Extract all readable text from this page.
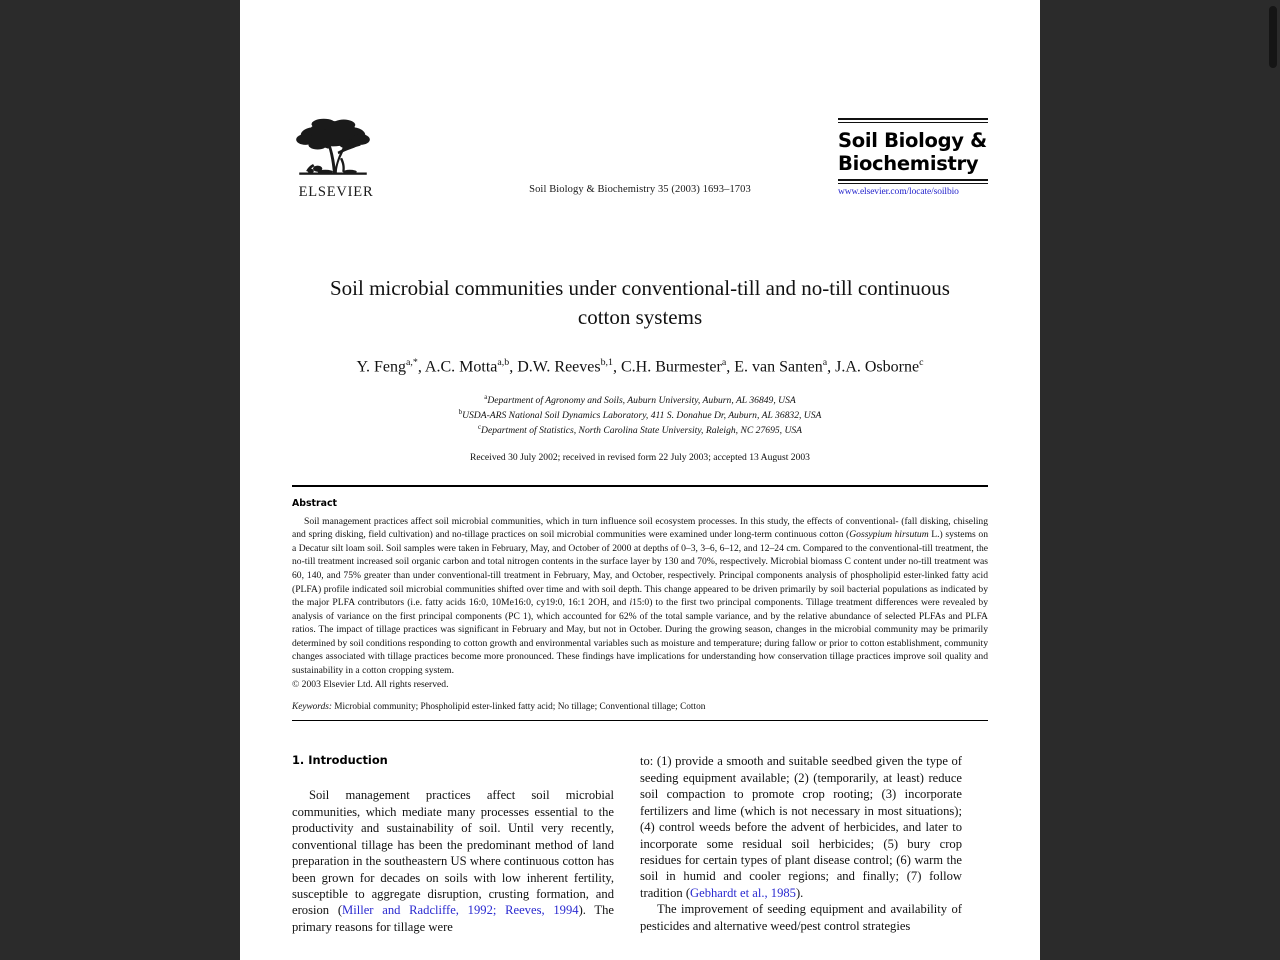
ELSEVIER	Soil Biology & Biochemistry 35 (2003) 1693–1703
Soil Biology &
Biochemistry
www.elsevier.com/locate/soilbio
Soil microbial communities under conventional-till and no-till continuous cotton systems
Y. Feng$^{a,*}$, A.C. Motta$^{a,b}$, D.W. Reeves$^{b,1}$, C.H. Burmester$^a$, E. van Santen$^a$, J.A. Osborne$^c$
$^a$Department of Agronomy and Soils, Auburn University, Auburn, AL 36849, USA
$^b$USDA-ARS National Soil Dynamics Laboratory, 411 S. Donahue Dr, Auburn, AL 36832, USA
$^c$Department of Statistics, North Carolina State University, Raleigh, NC 27695, USA
Received 30 July 2002; received in revised form 22 July 2003; accepted 13 August 2003
Abstract
Soil management practices affect soil microbial communities, which in turn influence soil ecosystem processes. In this study, the effects of conventional- (fall disking, chiseling and spring disking, field cultivation) and no-tillage practices on soil microbial communities were examined under long-term continuous cotton (Gossypium hirsutum L.) systems on a Decatur silt loam soil. Soil samples were taken in February, May, and October of 2000 at depths of 0–3, 3–6, 6–12, and 12–24 cm. Compared to the conventional-till treatment, the no-till treatment increased soil organic carbon and total nitrogen contents in the surface layer by 130 and 70%, respectively. Microbial biomass C content under no-till treatment was 60, 140, and 75% greater than under conventional-till treatment in February, May, and October, respectively. Principal components analysis of phospholipid ester-linked fatty acid (PLFA) profile indicated soil microbial communities shifted over time and with soil depth. This change appeared to be driven primarily by soil bacterial populations as indicated by the major PLFA contributors (i.e. fatty acids 16:0, 10Me16:0, cy19:0, 16:1 2OH, and i15:0) to the first two principal components. Tillage treatment differences were revealed by analysis of variance on the first principal components (PC 1), which accounted for 62% of the total sample variance, and by the relative abundance of selected PLFAs and PLFA ratios. The impact of tillage practices was significant in February and May, but not in October. During the growing season, changes in the microbial community may be primarily determined by soil conditions responding to cotton growth and environmental variables such as moisture and temperature; during fallow or prior to cotton establishment, community changes associated with tillage practices become more pronounced. These findings have implications for understanding how conservation tillage practices improve soil quality and sustainability in a cotton cropping system.
© 2003 Elsevier Ltd. All rights reserved.
Keywords: Microbial community; Phospholipid ester-linked fatty acid; No tillage; Conventional tillage; Cotton
1. Introduction

Soil management practices affect soil microbial communities, which mediate many processes essential to the productivity and sustainability of soil. Until very recently, conventional tillage has been the predominant method of land preparation in the southeastern US where continuous cotton has been grown for decades on soils with low inherent fertility, susceptible to aggregate disruption, crusting formation, and erosion (Miller and Radcliffe, 1992; Reeves, 1994). The primary reasons for tillage were

to: (1) provide a smooth and suitable seedbed given the type of seeding equipment available; (2) (temporarily, at least) reduce soil compaction to promote crop rooting; (3) incorporate fertilizers and lime (which is not necessary in most situations); (4) control weeds before the advent of herbicides, and later to incorporate some residual soil herbicides; (5) bury crop residues for certain types of plant disease control; (6) warm the soil in humid and cooler regions; and finally; (7) follow tradition (Gebhardt et al., 1985).

The improvement of seeding equipment and availability of pesticides and alternative weed/pest control strategies
